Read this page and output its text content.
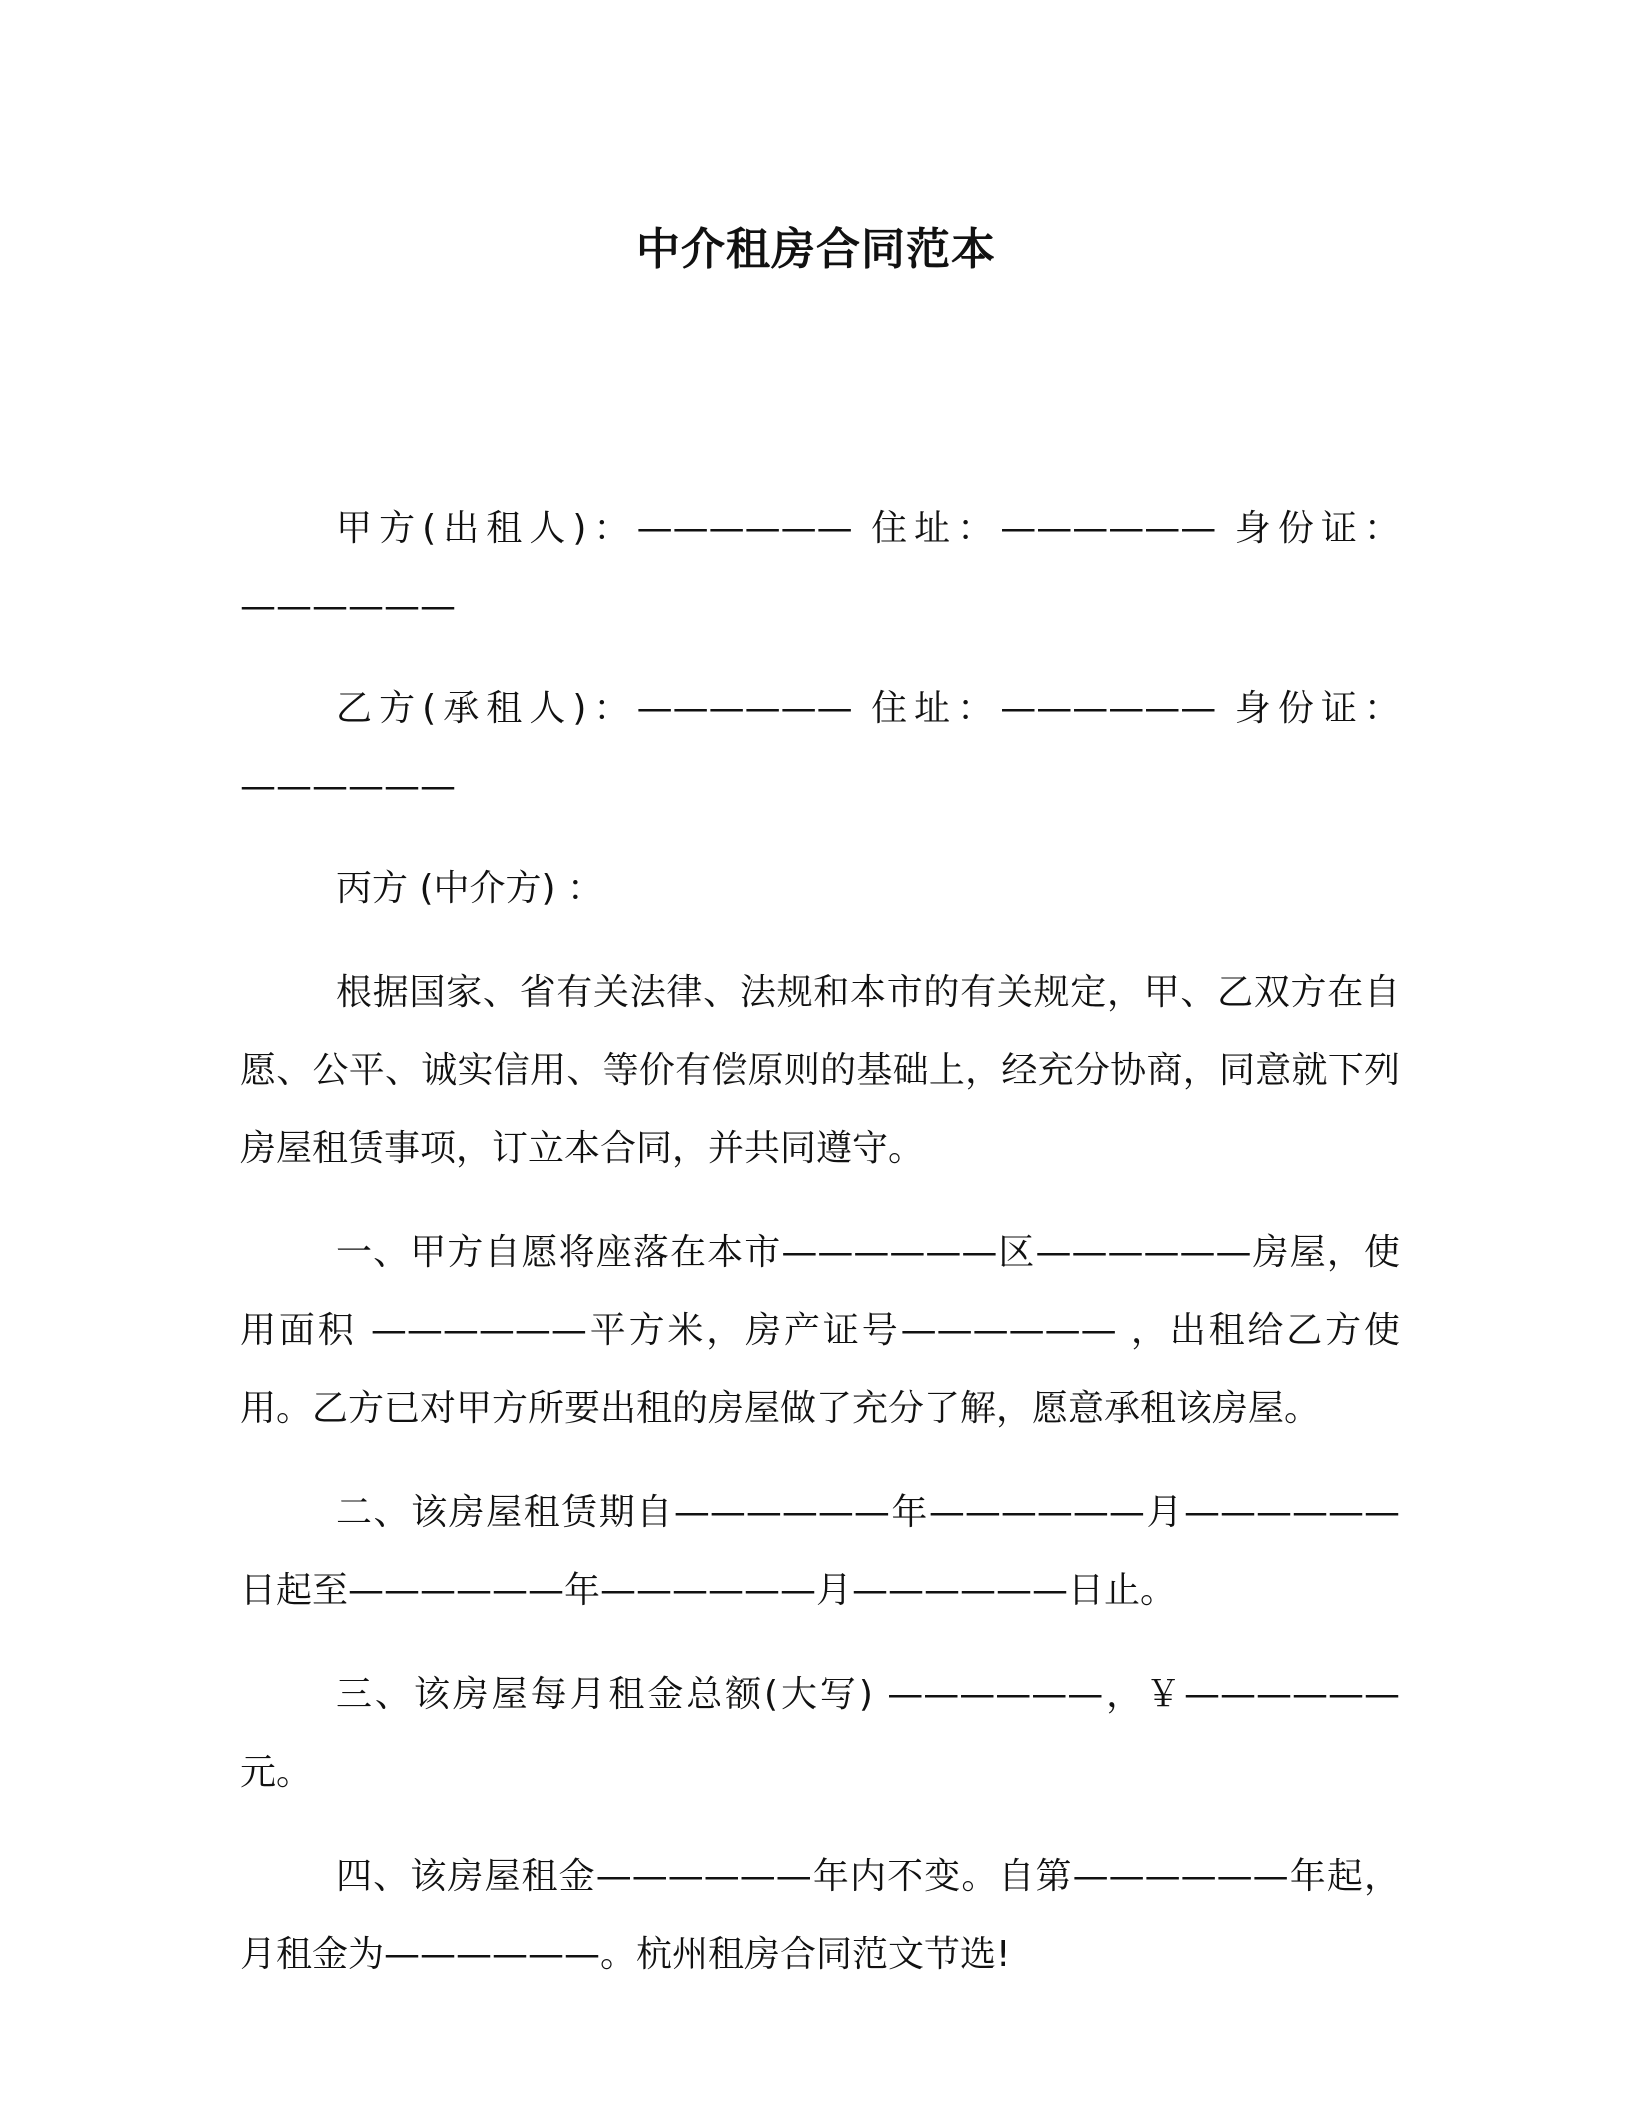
中介租房合同范本

甲方(出租人)：—————— 住址：—————— 身份证：——————

乙方(承租人)：—————— 住址：—————— 身份证：——————

丙方 (中介方) ：

根据国家、省有关法律、法规和本市的有关规定，甲、乙双方在自愿、公平、诚实信用、等价有偿原则的基础上，经充分协商，同意就下列房屋租赁事项，订立本合同，并共同遵守。

一、甲方自愿将座落在本市——————区——————房屋，使用面积 ——————平方米，房产证号—————— ，出租给乙方使用。乙方已对甲方所要出租的房屋做了充分了解，愿意承租该房屋。

二、该房屋租赁期自——————年——————月——————日起至——————年——————月——————日止。

三、该房屋每月租金总额(大写) ——————，￥——————元。

四、该房屋租金——————年内不变。自第——————年起，月租金为——————。杭州租房合同范文节选!
